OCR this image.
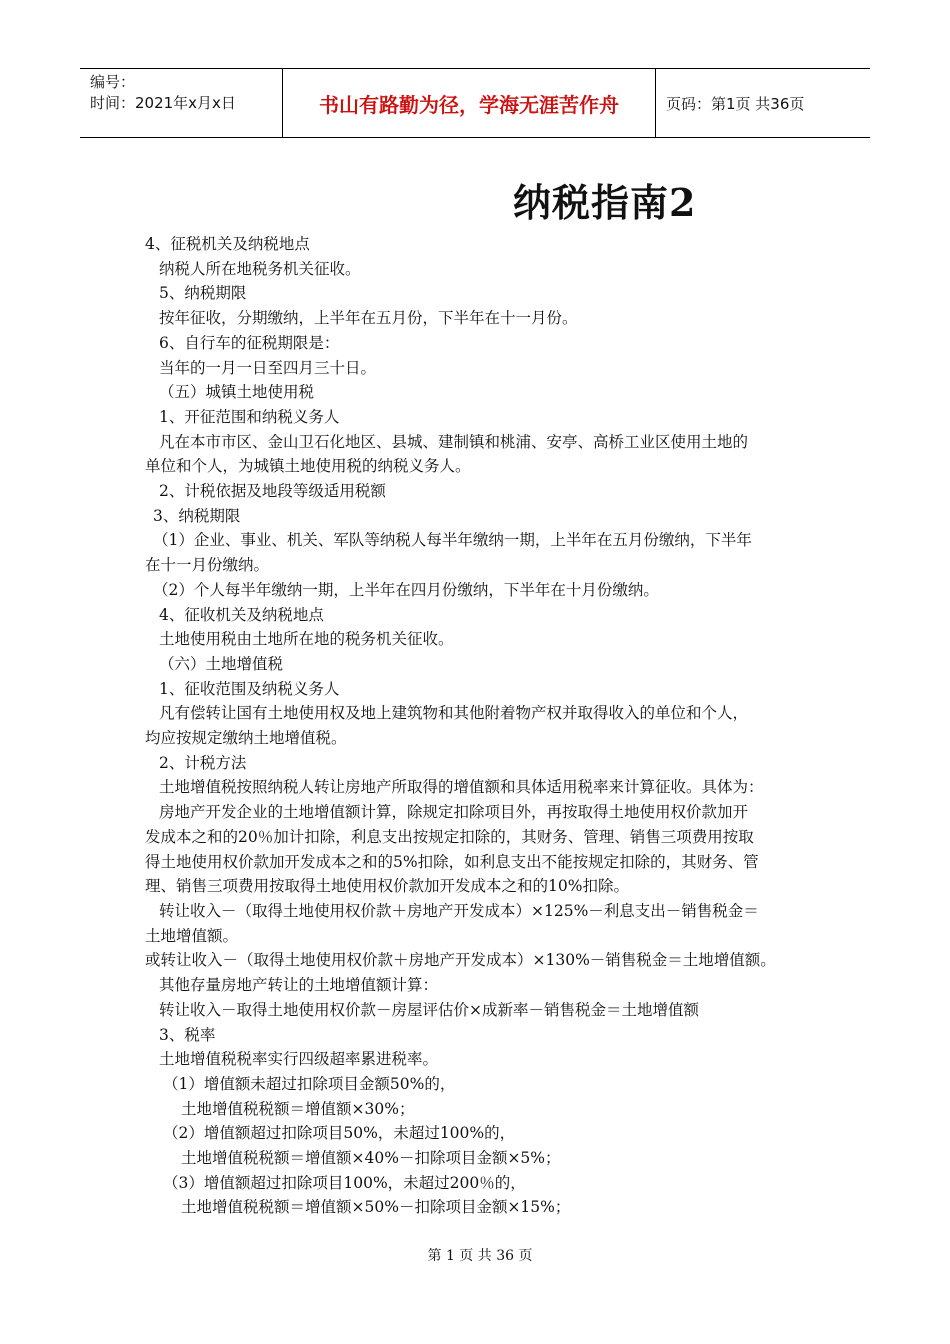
编号：
时间：2021年x月x日	书山有路勤为径，学海无涯苦作舟	页码：第1页 共36页
纳税指南2

4、征税机关及纳税地点

纳税人所在地税务机关征收。

5、纳税期限

按年征收，分期缴纳，上半年在五月份，下半年在十一月份。

6、自行车的征税期限是：

当年的一月一日至四月三十日。

（五）城镇土地使用税

1、开征范围和纳税义务人

凡在本市市区、金山卫石化地区、县城、建制镇和桃浦、安亭、高桥工业区使用土地的

单位和个人，为城镇土地使用税的纳税义务人。

2、计税依据及地段等级适用税额

3、纳税期限

（1）企业、事业、机关、军队等纳税人每半年缴纳一期，上半年在五月份缴纳，下半年

在十一月份缴纳。

（2）个人每半年缴纳一期，上半年在四月份缴纳，下半年在十月份缴纳。

4、征收机关及纳税地点

土地使用税由土地所在地的税务机关征收。

（六）土地增值税

1、征收范围及纳税义务人

凡有偿转让国有土地使用权及地上建筑物和其他附着物产权并取得收入的单位和个人，

均应按规定缴纳土地增值税。

2、计税方法

土地增值税按照纳税人转让房地产所取得的增值额和具体适用税率来计算征收。具体为：

房地产开发企业的土地增值额计算，除规定扣除项目外，再按取得土地使用权价款加开

发成本之和的20％加计扣除，利息支出按规定扣除的，其财务、管理、销售三项费用按取

得土地使用权价款加开发成本之和的5%扣除，如利息支出不能按规定扣除的，其财务、管

理、销售三项费用按取得土地使用权价款加开发成本之和的10%扣除。

转让收入－（取得土地使用权价款＋房地产开发成本）×125%－利息支出－销售税金＝

土地增值额。

或转让收入－（取得土地使用权价款＋房地产开发成本）×130%－销售税金＝土地增值额。

其他存量房地产转让的土地增值额计算：

转让收入－取得土地使用权价款－房屋评估价×成新率－销售税金＝土地增值额

3、税率

土地增值税税率实行四级超率累进税率。

（1）增值额未超过扣除项目金额50%的，

土地增值税税额＝增值额×30%；

（2）增值额超过扣除项目50%，未超过100%的，

土地增值税税额＝增值额×40%－扣除项目金额×5%；

（3）增值额超过扣除项目100%，未超过200％的，

土地增值税税额＝增值额×50%－扣除项目金额×15%；

第 1 页 共 36 页
